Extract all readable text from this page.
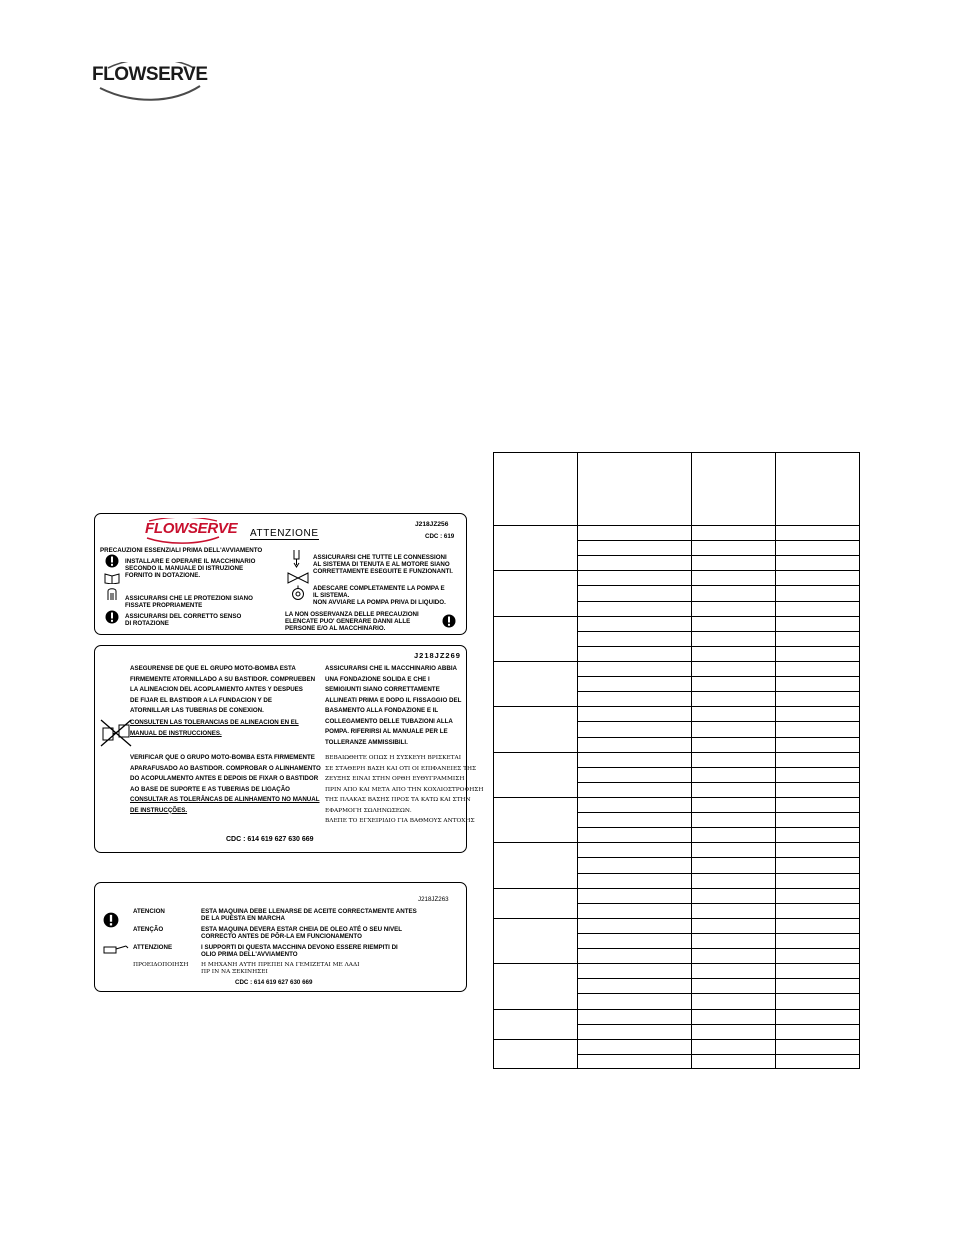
FLOWSERVE
FLOWSERVE ATTENZIONE
J218JZ256
CDC : 619
PRECAUZIONI ESSENZIALI PRIMA DELL'AVVIAMENTO
INSTALLARE E OPERARE IL MACCHINARIO
SECONDO IL MANUALE DI ISTRUZIONE
FORNITO IN DOTAZIONE.
ASSICURARSI CHE LE PROTEZIONI SIANO
FISSATE PROPRIAMENTE
ASSICURARSI DEL CORRETTO SENSO
DI ROTAZIONE
ASSICURARSI CHE TUTTE LE CONNESSIONI
AL SISTEMA DI TENUTA E AL MOTORE SIANO
CORRETTAMENTE ESEGUITE E FUNZIONANTI.
ADESCARE COMPLETAMENTE LA POMPA E
IL SISTEMA.
NON AVVIARE LA POMPA PRIVA DI LIQUIDO.
LA NON OSSERVANZA DELLE PRECAUZIONI
ELENCATE PUO' GENERARE DANNI ALLE
PERSONE E/O AL MACCHINARIO.
J218JZ269
ASEGURENSE DE QUE EL GRUPO MOTO-BOMBA ESTA
FIRMEMENTE ATORNILLADO A SU BASTIDOR. COMPRUEBEN
LA ALINEACION DEL ACOPLAMIENTO ANTES Y DESPUES
DE FIJAR EL BASTIDOR A LA FUNDACION Y DE
ATORNILLAR LAS TUBERIAS DE CONEXION.
CONSULTEN LAS TOLERANCIAS DE ALINEACION EN EL
MANUAL DE INSTRUCCIONES.
VERIFICAR QUE O GRUPO MOTO-BOMBA ESTA FIRMEMENTE
APARAFUSADO AO BASTIDOR. COMPROBAR O ALINHAMENTO
DO ACOPULAMENTO ANTES E DEPOIS DE FIXAR O BASTIDOR
AO BASE DE SUPORTE E AS TUBERIAS DE LIGAÇÃO
CONSULTAR AS TOLERÂNCAS DE ALINHAMENTO NO MANUAL
DE INSTRUCÇÕES.
ASSICURARSI CHE IL MACCHINARIO ABBIA
UNA FONDAZIONE SOLIDA E CHE I
SEMIGIUNTI SIANO CORRETTAMENTE
ALLINEATI PRIMA E DOPO IL FISSAGGIO DEL
BASAMENTO ALLA FONDAZIONE E IL
COLLEGAMENTO DELLE TUBAZIONI ALLA
POMPA. RIFERIRSI AL MANUALE PER LE
TOLLERANZE AMMISSIBILI.
ΒΕΒΑΙΩΘΗΤΕ ΟΠΩΣ Η ΣΥΣΚΕΥΗ ΒΡΙΣΚΕΤΑΙ
ΣΕ ΣΤΑΘΕΡΗ ΒΑΣΗ ΚΑΙ ΟΤΙ ΟΙ ΕΠΙΦΑΝΕΙΕΣ ΤΗΣ
ΖΕΥΞΗΣ ΕΙΝΑΙ ΣΤΗΝ ΟΡΘΗ ΕΥΘΥΓΡΑΜΜΙΣΗ
ΠΡΙΝ ΑΠΟ ΚΑΙ ΜΕΤΑ ΑΠΟ ΤΗΝ ΚΟΧΛΙΟΣΤΡΟΦΗΣΗ
ΤΗΣ ΠΛΑΚΑΣ ΒΑΣΗΣ ΠΡΟΣ ΤΑ ΚΑΤΩ ΚΑΙ ΣΤΗΝ
ΕΦΑΡΜΟΓΗ ΣΩΛΗΝΩΣΕΩΝ.
ΒΛΕΠΕ ΤΟ ΕΓΧΕΙΡΙΔΙΟ ΓΙΑ ΒΑΘΜΟΥΣ ΑΝΤΟΧΗΣ
CDC : 614 619 627 630 669
J218JZ263
ATENCION	ESTA MAQUINA DEBE LLENARSE DE ACEITE CORRECTAMENTE ANTES
DE LA PUESTA EN MARCHA
ATENÇÃO	ESTA MAQUINA DEVERA ESTAR CHEIA DE OLEO ATÉ O SEU NIVEL
CORRECTO ANTES DE PÔR-LA EM FUNCIONAMENTO
ATTENZIONE	I SUPPORTI DI QUESTA MACCHINA DEVONO ESSERE RIEMPITI DI
OLIO PRIMA DELL'AVVIAMENTO
ΠΡΟΕΙΔΟΠΟΙΗΣΗ Η ΜΗΧΑΝΗ ΑΥΤΗ ΠΡΕΠΕΙ ΝΑ ΓΕΜΙΖΕΤΑΙ ΜΕ ΛΑΔΙ
ΠΡ ΙΝ ΝΑ ΞΕΚΙΝΗΣΕΙ
CDC : 614 619 627 630 669
